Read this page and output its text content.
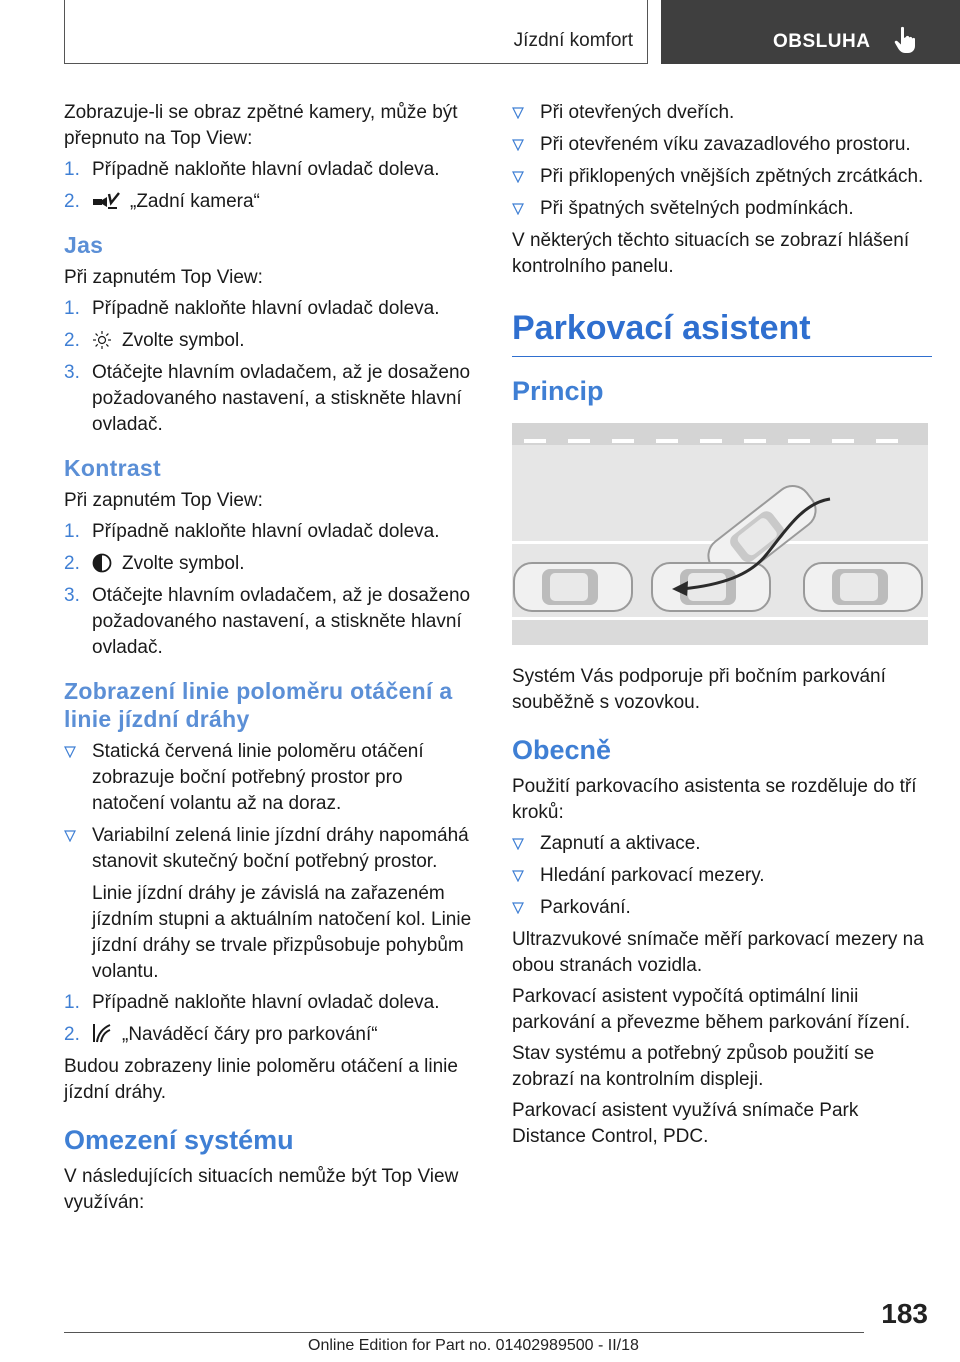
Jízdní komfort	OBSLUHA

Zobrazuje-li se obraz zpětné kamery, může být přepnuto na Top View:

1. Případně nakloňte hlavní ovladač doleva.
2.	„Zadní kamera“
Jas

Při zapnutém Top View:

1. Případně nakloňte hlavní ovladač doleva.
2. Zvolte symbol.
3. Otáčejte hlavním ovladačem, až je dosaženo požadovaného nastavení, a stiskněte hlavní ovladač.
Kontrast

Při zapnutém Top View:

1. Případně nakloňte hlavní ovladač doleva.
2. Zvolte symbol.
3. Otáčejte hlavním ovladačem, až je dosaženo požadovaného nastavení, a stiskněte hlavní ovladač.
Zobrazení linie poloměru otáčení a linie jízdní dráhy
Statická červená linie poloměru otáčení zobrazuje boční potřebný prostor pro natočení volantu až na doraz.
Variabilní zelená linie jízdní dráhy napomáhá stanovit skutečný boční potřebný prostor.

Linie jízdní dráhy je závislá na zařazeném jízdním stupni a aktuálním natočení kol. Linie jízdní dráhy se trvale přizpůsobuje pohybům volantu.

1. Případně nakloňte hlavní ovladač doleva.
2. „Naváděcí čáry pro parkování“

Budou zobrazeny linie poloměru otáčení a linie jízdní dráhy.

Omezení systému

V následujících situacích nemůže být Top View využíván:

Při otevřených dveřích.
Při otevřeném víku zavazadlového prostoru.
Při přiklopených vnějších zpětných zrcátkách.
Při špatných světelných podmínkách.

V některých těchto situacích se zobrazí hlášení kontrolního panelu.

Parkovací asistent
Princip

Systém Vás podporuje při bočním parkování souběžně s vozovkou.

Obecně

Použití parkovacího asistenta se rozděluje do tří kroků:

Zapnutí a aktivace.
Hledání parkovací mezery.
Parkování.

Ultrazvukové snímače měří parkovací mezery na obou stranách vozidla.

Parkovací asistent vypočítá optimální linii parkování a převezme během parkování řízení.

Stav systému a potřebný způsob použití se zobrazí na kontrolním displeji.

Parkovací asistent využívá snímače Park Distance Control, PDC.

183
Online Edition for Part no. 01402989500 - II/18
